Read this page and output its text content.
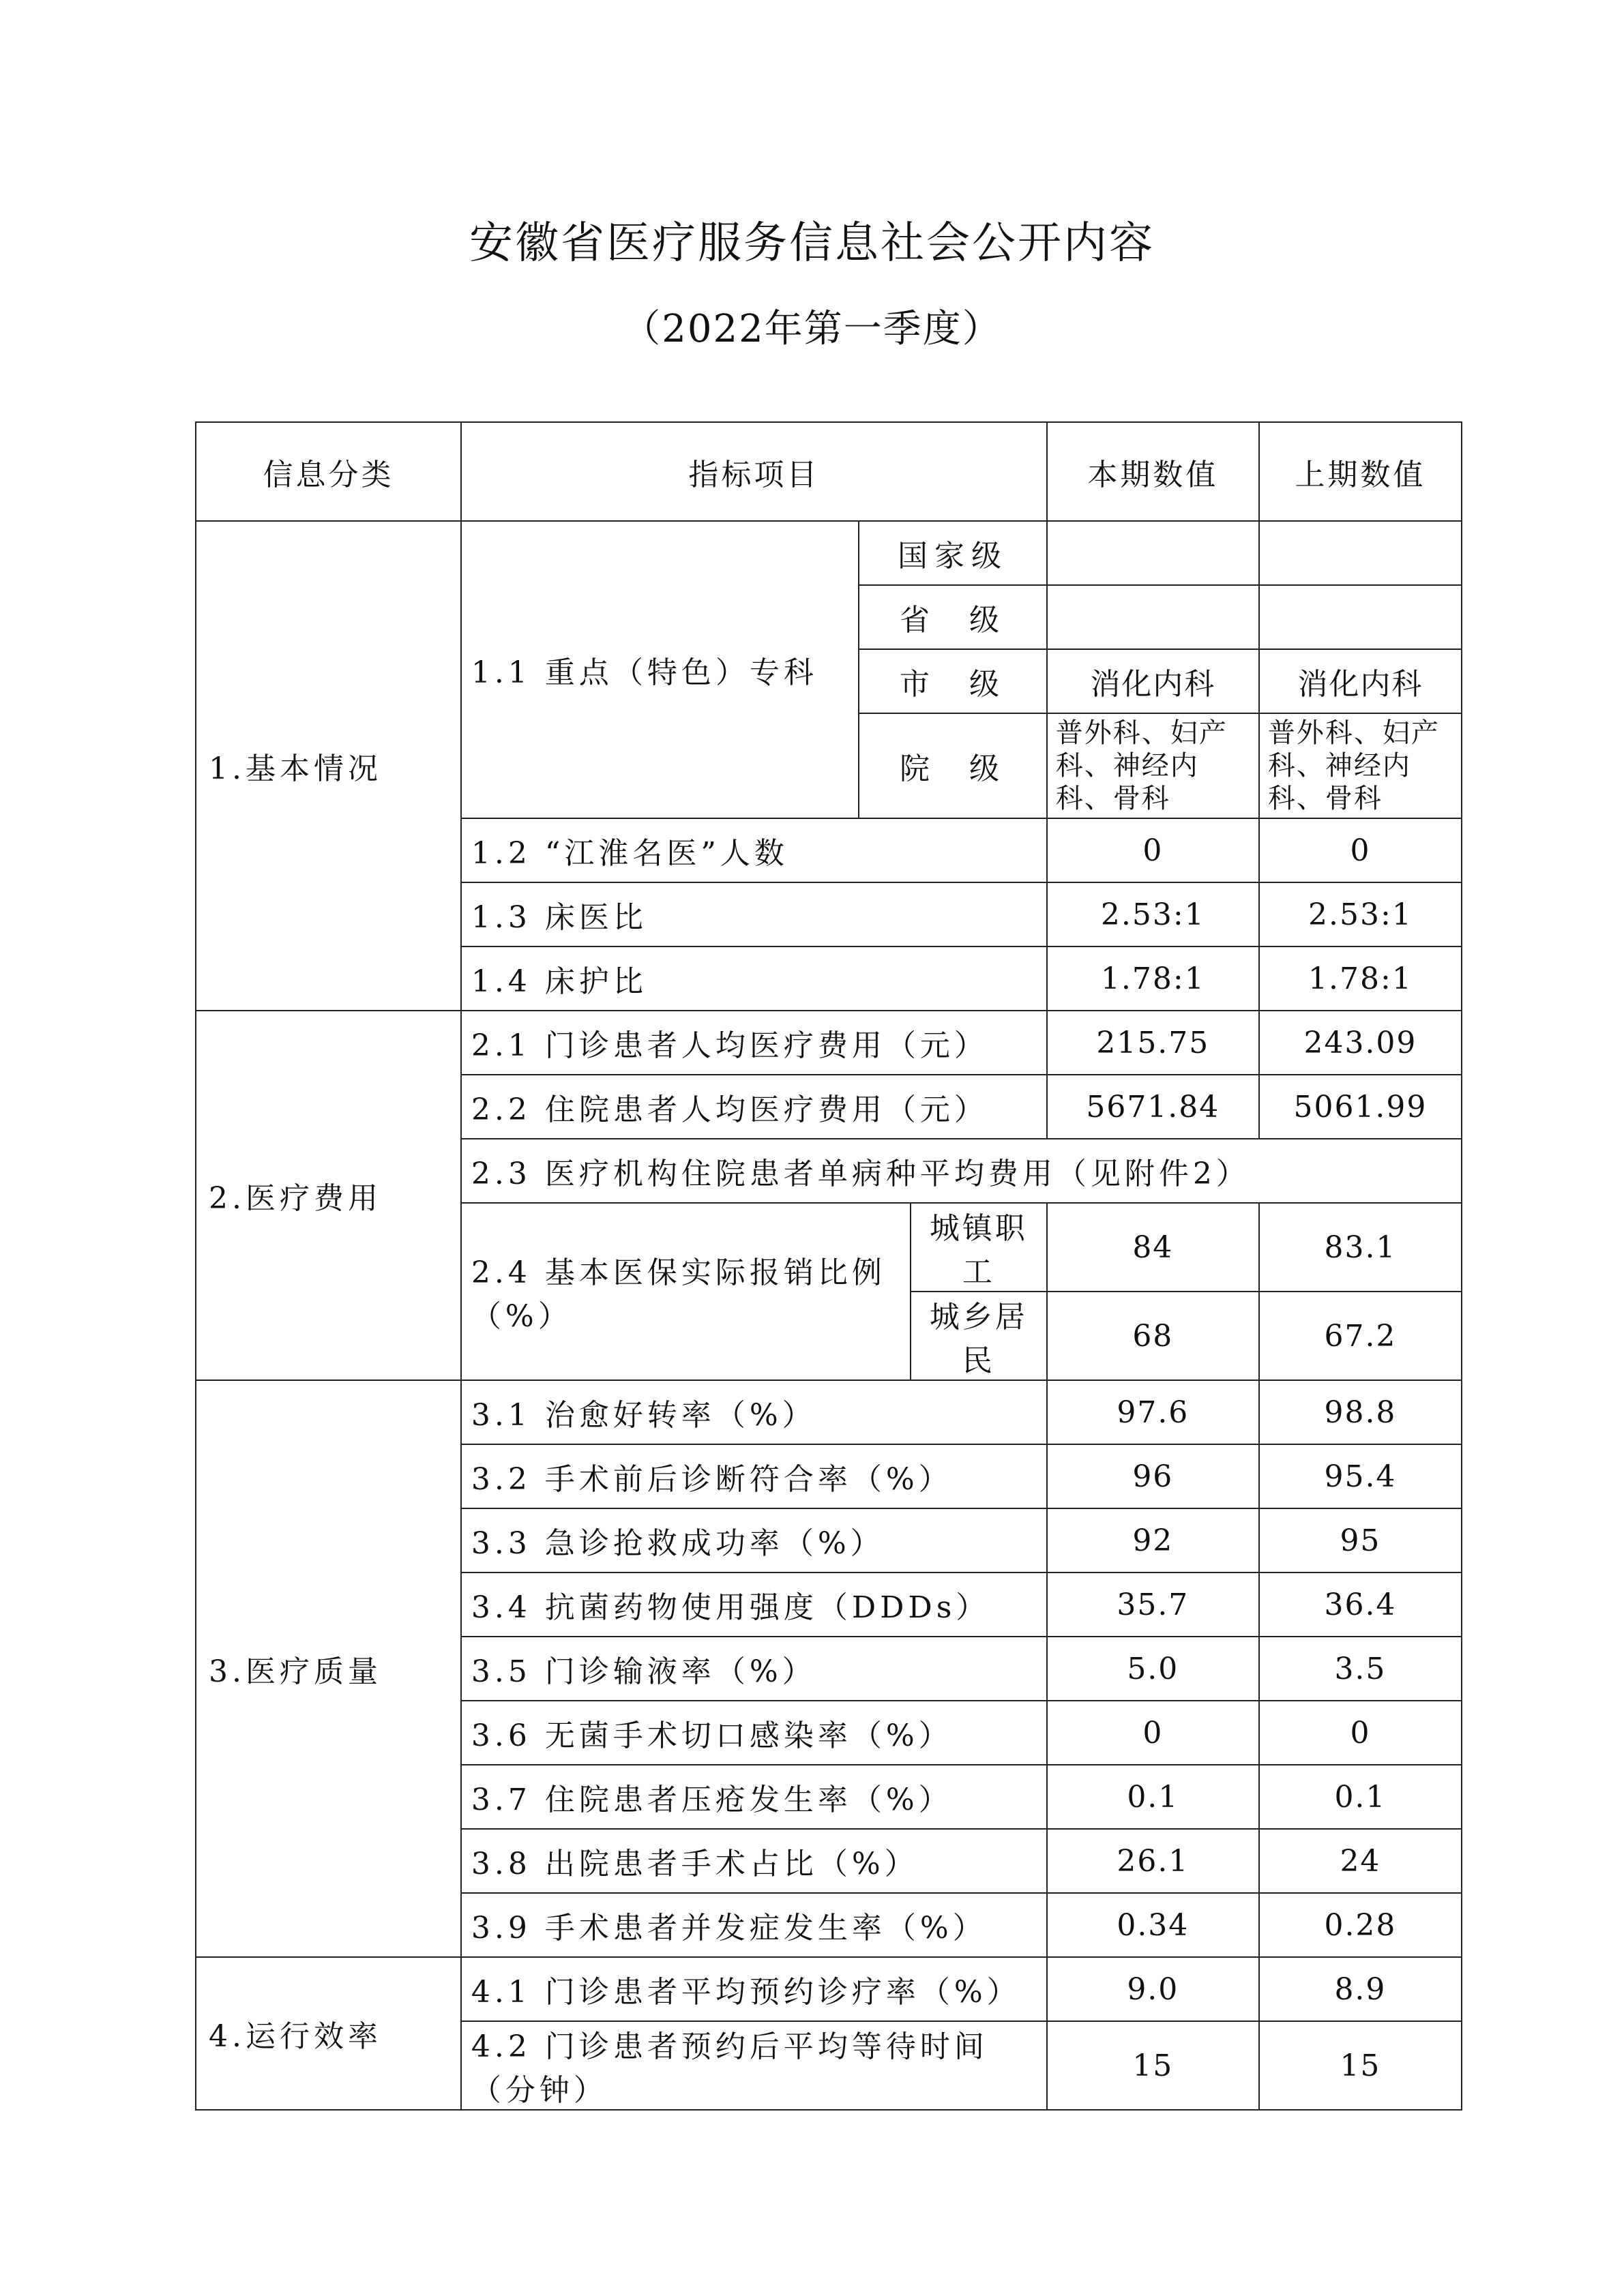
安徽省医疗服务信息社会公开内容
（2022年第一季度）
信息分类	指标项目			本期数值	上期数值
1.基本情况	1.1 重点（特色）专科	国家级			
		省  级			
		市  级		消化内科	消化内科
		院  级		普外科、妇产科、神经内科、骨科	普外科、妇产科、神经内科、骨科
	1.2 “江淮名医”人数			0	0
	1.3 床医比			2.53:1	2.53:1
	1.4 床护比			1.78:1	1.78:1
2.医疗费用	2.1 门诊患者人均医疗费用（元）			215.75	243.09
	2.2 住院患者人均医疗费用（元）			5671.84	5061.99
	2.3 医疗机构住院患者单病种平均费用（见附件2）				
	2.4 基本医保实际报销比例（%）		城镇职工	84	83.1
			城乡居民	68	67.2
3.医疗质量	3.1 治愈好转率（%）			97.6	98.8
	3.2 手术前后诊断符合率（%）			96	95.4
	3.3 急诊抢救成功率（%）			92	95
	3.4 抗菌药物使用强度（DDDs）			35.7	36.4
	3.5 门诊输液率（%）			5.0	3.5
	3.6 无菌手术切口感染率（%）			0	0
	3.7 住院患者压疮发生率（%）			0.1	0.1
	3.8 出院患者手术占比（%）			26.1	24
	3.9 手术患者并发症发生率（%）			0.34	0.28
4.运行效率	4.1 门诊患者平均预约诊疗率（%）			9.0	8.9
	4.2 门诊患者预约后平均等待时间（分钟）			15	15
